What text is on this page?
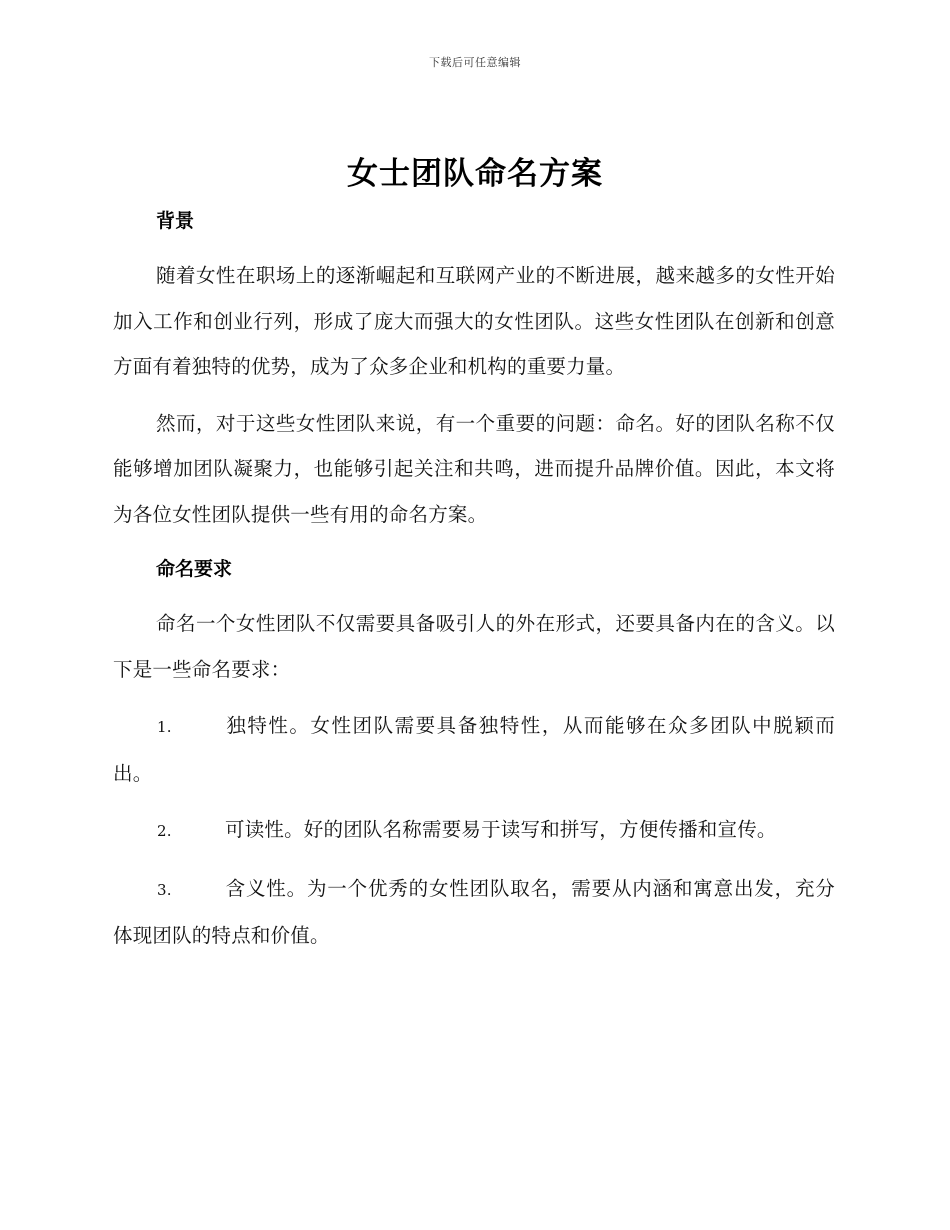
下载后可任意编辑
女士团队命名方案
背景

随着女性在职场上的逐渐崛起和互联网产业的不断进展，越来越多的女性开始加入工作和创业行列，形成了庞大而强大的女性团队。这些女性团队在创新和创意方面有着独特的优势，成为了众多企业和机构的重要力量。

然而，对于这些女性团队来说，有一个重要的问题：命名。好的团队名称不仅能够增加团队凝聚力，也能够引起关注和共鸣，进而提升品牌价值。因此，本文将为各位女性团队提供一些有用的命名方案。

命名要求

命名一个女性团队不仅需要具备吸引人的外在形式，还要具备内在的含义。以下是一些命名要求：

1.	独特性。女性团队需要具备独特性，从而能够在众多团队中脱颖而出。

2.	可读性。好的团队名称需要易于读写和拼写，方便传播和宣传。

3.	含义性。为一个优秀的女性团队取名，需要从内涵和寓意出发，充分体现团队的特点和价值。
